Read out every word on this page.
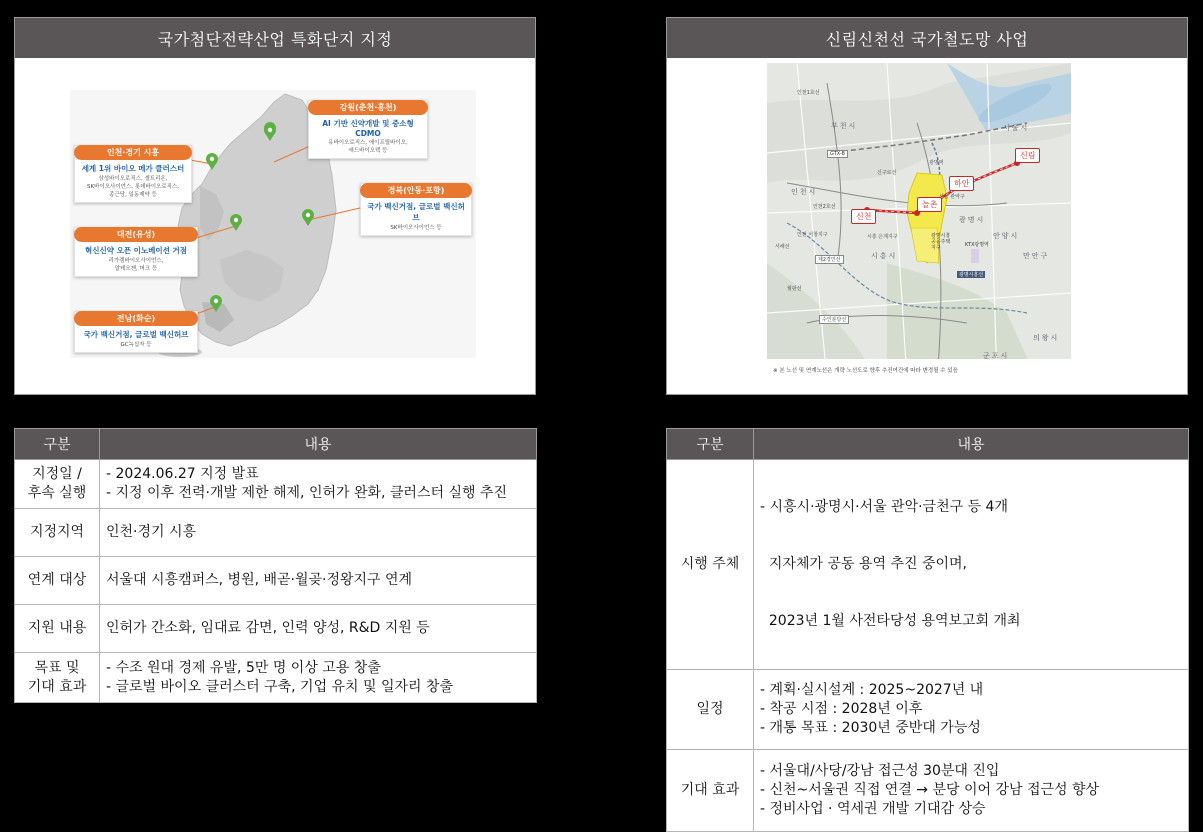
국가첨단전략산업 특화단지 지정
강원(춘천·홍천)
AI 기반 신약개발 및 중소형 CDMO
유바이오로직스, 에이프릴바이오,
애드바이오텍 등
인천·경기 시흥
세계 1위 바이오 메가 클러스터
삼성바이오로직스, 셀트리온,
SK바이오사이언스, 롯데바이오로직스,
종근당, 일동제약 등	경북(안동·포항)
국가 백신거점, 글로벌 백신허브
SK바이오사이언스 등
대전(유성)
혁신신약 오픈 이노베이션 거점
리가켐바이오사이언스,
알테오젠, 머크 등
전남(화순)
국가 백신거점, 글로벌 백신허브
GC녹십자 등
신림신천선 국가철도망 사업
신림
하안
놀촌
신천
인천1호선
GTX-B
광명역
KTX광명역
제2경인선
광명시흥선
수인분당선
서울 관악구
광명시흥 공공주택지구
시흥 은계지구
신구로선
인천2호선
인천 서창지구
서해선
월판선
부천시
인천시
광명시
시흥시
안양시
서울시
만안구
군포시
의왕시
※ 본 노선 및 연계노선은 개략 노선도로 향후 추진여건에 따라 변경될 수 있음
구분	내용

지정일 /
후속 실행	- 2024.06.27 지정 발표
- 지정 이후 전력·개발 제한 해제, 인허가 완화, 클러스터 실행 추진

지정지역	인천·경기 시흥

연계 대상	서울대 시흥캠퍼스, 병원, 배곧·월곶·정왕지구 연계

지원 내용	인허가 간소화, 임대료 감면, 인력 양성, R&D 지원 등

목표 및
기대 효과	- 수조 원대 경제 유발, 5만 명 이상 고용 창출
- 글로벌 바이오 클러스터 구축, 기업 유치 및 일자리 창출
구분	내용

시행 주체	- 시흥시·광명시·서울 관악·금천구 등 4개

지자체가 공동 용역 추진 중이며,

2023년 1월 사전타당성 용역보고회 개최

일정	- 계획·실시설계 : 2025~2027년 내
- 착공 시점 : 2028년 이후
- 개통 목표 : 2030년 중반대 가능성

기대 효과	- 서울대/사당/강남 접근성 30분대 진입
- 신천~서울권 직접 연결 → 분당 이어 강남 접근성 향상
- 정비사업 · 역세권 개발 기대감 상승
